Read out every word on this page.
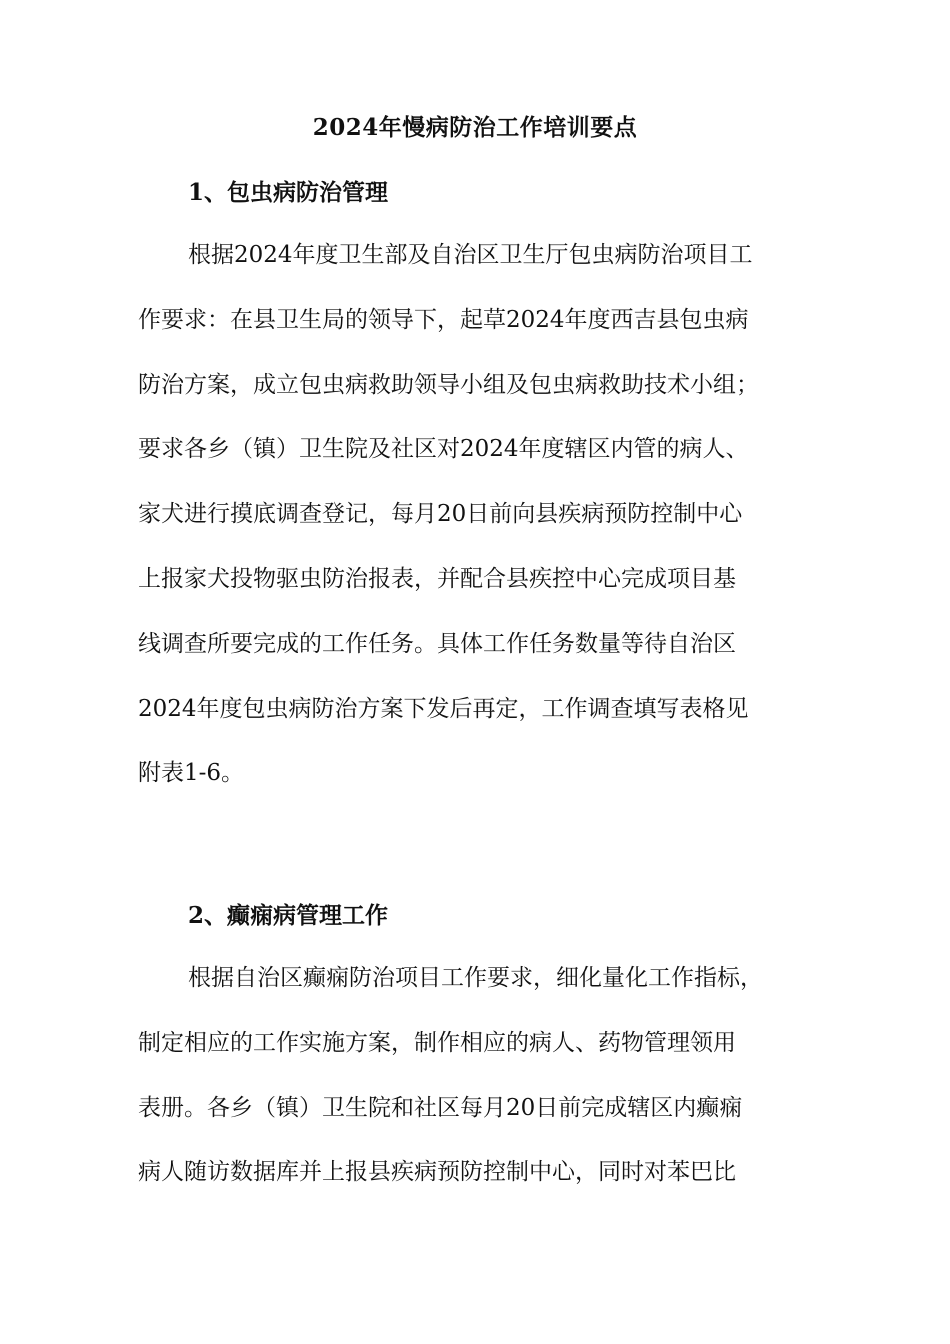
2024年慢病防治工作培训要点
1、包虫病防治管理
根据2024年度卫生部及自治区卫生厅包虫病防治项目工
作要求：在县卫生局的领导下，起草2024年度西吉县包虫病
防治方案，成立包虫病救助领导小组及包虫病救助技术小组；
要求各乡（镇）卫生院及社区对2024年度辖区内管的病人、
家犬进行摸底调查登记，每月20日前向县疾病预防控制中心
上报家犬投物驱虫防治报表，并配合县疾控中心完成项目基
线调查所要完成的工作任务。具体工作任务数量等待自治区
2024年度包虫病防治方案下发后再定，工作调查填写表格见
附表1-6。
2、癫痫病管理工作
根据自治区癫痫防治项目工作要求，细化量化工作指标，
制定相应的工作实施方案，制作相应的病人、药物管理领用
表册。各乡（镇）卫生院和社区每月20日前完成辖区内癫痫
病人随访数据库并上报县疾病预防控制中心，同时对苯巴比
